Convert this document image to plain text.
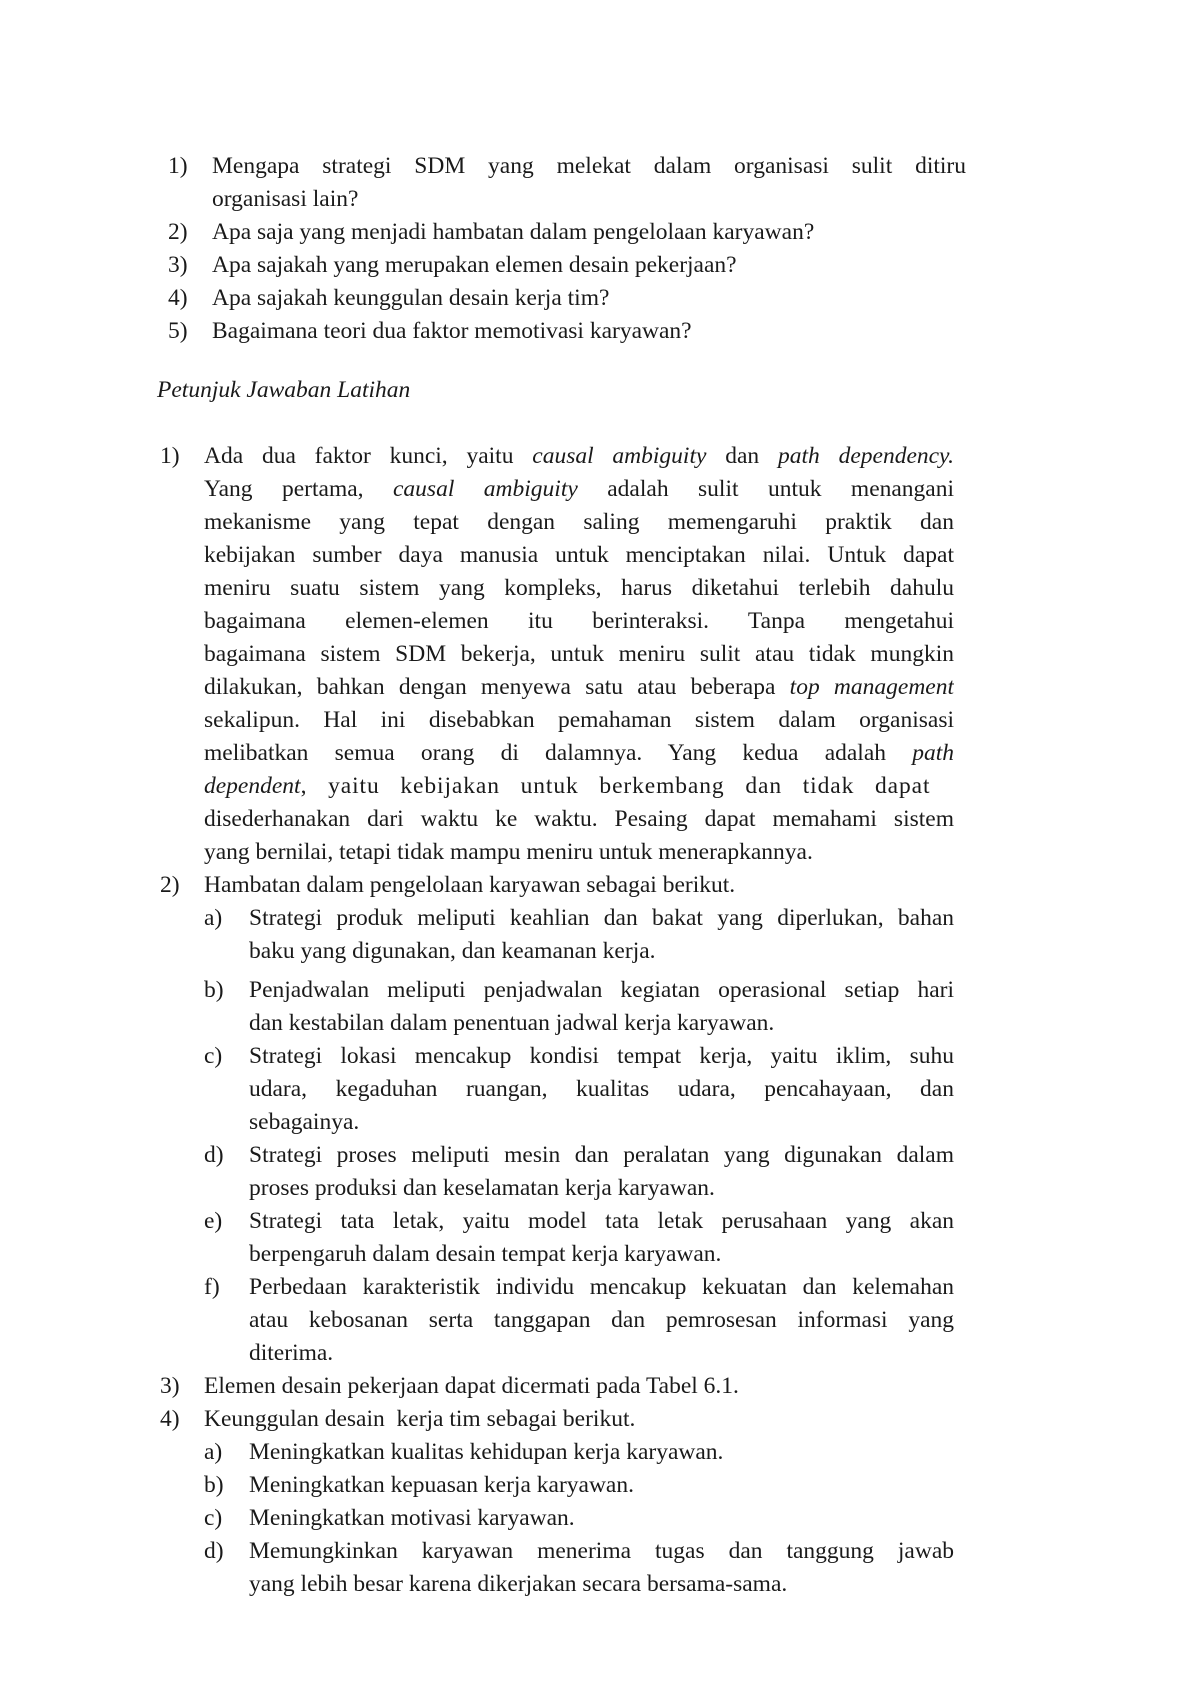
1) Mengapa strategi SDM yang melekat dalam organisasi sulit ditiru
organisasi lain?
2) Apa saja yang menjadi hambatan dalam pengelolaan karyawan?
3) Apa sajakah yang merupakan elemen desain pekerjaan?
4) Apa sajakah keunggulan desain kerja tim?
5) Bagaimana teori dua faktor memotivasi karyawan?
Petunjuk Jawaban Latihan
1) Ada dua faktor kunci, yaitu causal ambiguity dan path dependency.
Yang pertama, causal ambiguity adalah sulit untuk menangani
mekanisme yang tepat dengan saling memengaruhi praktik dan
kebijakan sumber daya manusia untuk menciptakan nilai. Untuk dapat
meniru suatu sistem yang kompleks, harus diketahui terlebih dahulu
bagaimana elemen-elemen itu berinteraksi. Tanpa mengetahui
bagaimana sistem SDM bekerja, untuk meniru sulit atau tidak mungkin
dilakukan, bahkan dengan menyewa satu atau beberapa top management
sekalipun. Hal ini disebabkan pemahaman sistem dalam organisasi
melibatkan semua orang di dalamnya. Yang kedua adalah path
dependent, yaitu kebijakan untuk berkembang dan tidak dapat
disederhanakan dari waktu ke waktu. Pesaing dapat memahami sistem
yang bernilai, tetapi tidak mampu meniru untuk menerapkannya.
2) Hambatan dalam pengelolaan karyawan sebagai berikut.
a) Strategi produk meliputi keahlian dan bakat yang diperlukan, bahan
baku yang digunakan, dan keamanan kerja.
b) Penjadwalan meliputi penjadwalan kegiatan operasional setiap hari
dan kestabilan dalam penentuan jadwal kerja karyawan.
c) Strategi lokasi mencakup kondisi tempat kerja, yaitu iklim, suhu
udara, kegaduhan ruangan, kualitas udara, pencahayaan, dan
sebagainya.
d) Strategi proses meliputi mesin dan peralatan yang digunakan dalam
proses produksi dan keselamatan kerja karyawan.
e) Strategi tata letak, yaitu model tata letak perusahaan yang akan
berpengaruh dalam desain tempat kerja karyawan.
f) Perbedaan karakteristik individu mencakup kekuatan dan kelemahan
atau kebosanan serta tanggapan dan pemrosesan informasi yang
diterima.
3) Elemen desain pekerjaan dapat dicermati pada Tabel 6.1.
4) Keunggulan desain  kerja tim sebagai berikut.
a) Meningkatkan kualitas kehidupan kerja karyawan.
b) Meningkatkan kepuasan kerja karyawan.
c) Meningkatkan motivasi karyawan.
d) Memungkinkan karyawan menerima tugas dan tanggung jawab
yang lebih besar karena dikerjakan secara bersama-sama.
